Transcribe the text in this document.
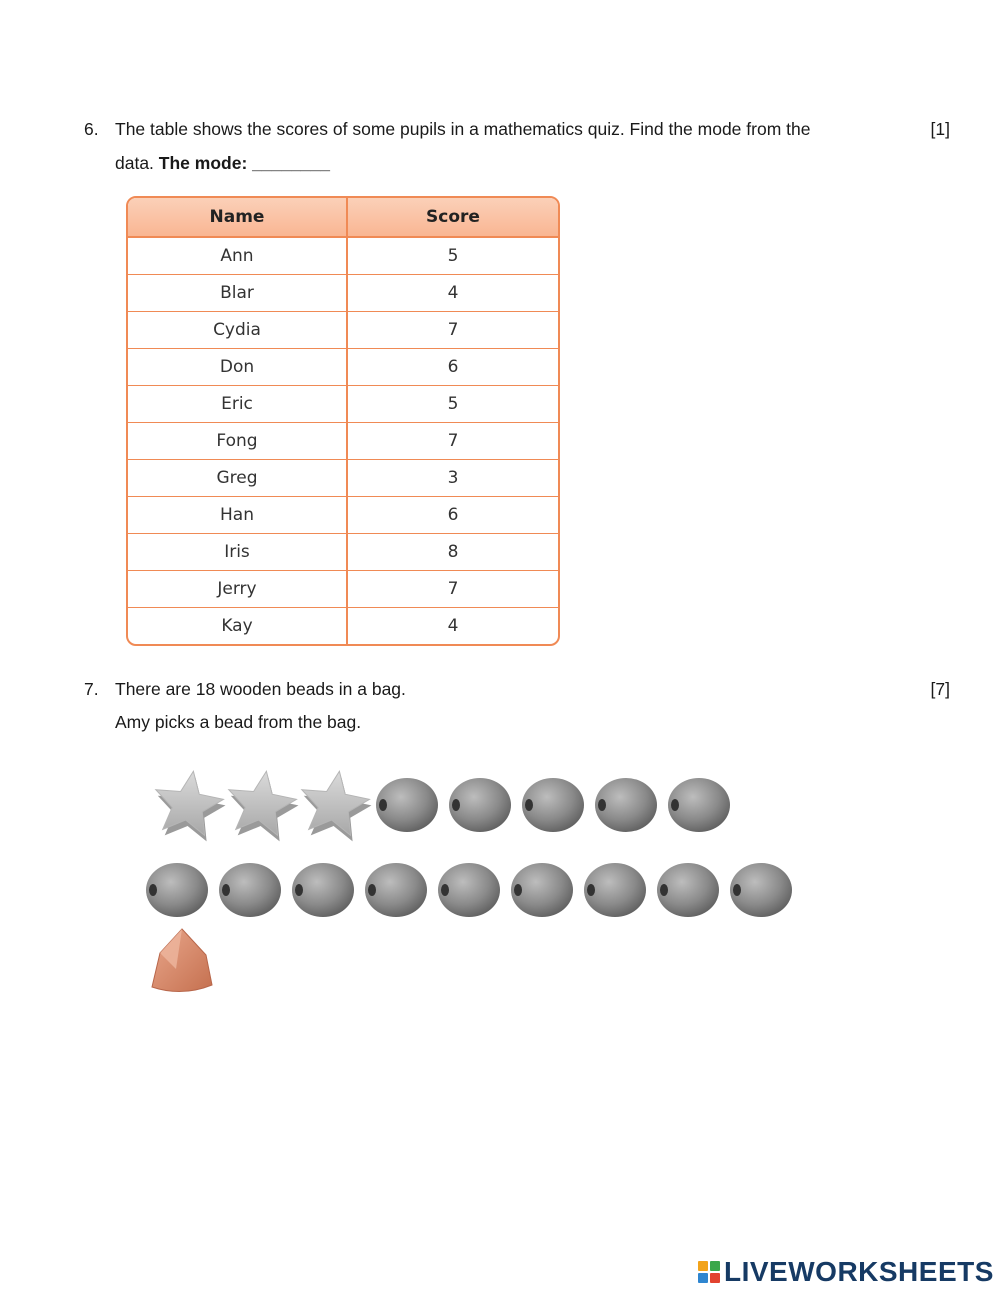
6. The table shows the scores of some pupils in a mathematics quiz. Find the mode from the	[1]
data. The mode: ________
Name	Score
Ann	5
Blar	4
Cydia	7
Don	6
Eric	5
Fong	7
Greg	3
Han	6
Iris	8
Jerry	7
Kay	4
7. There are 18 wooden beads in a bag.	[7]
Amy picks a bead from the bag.
LIVEWORKSHEETS
